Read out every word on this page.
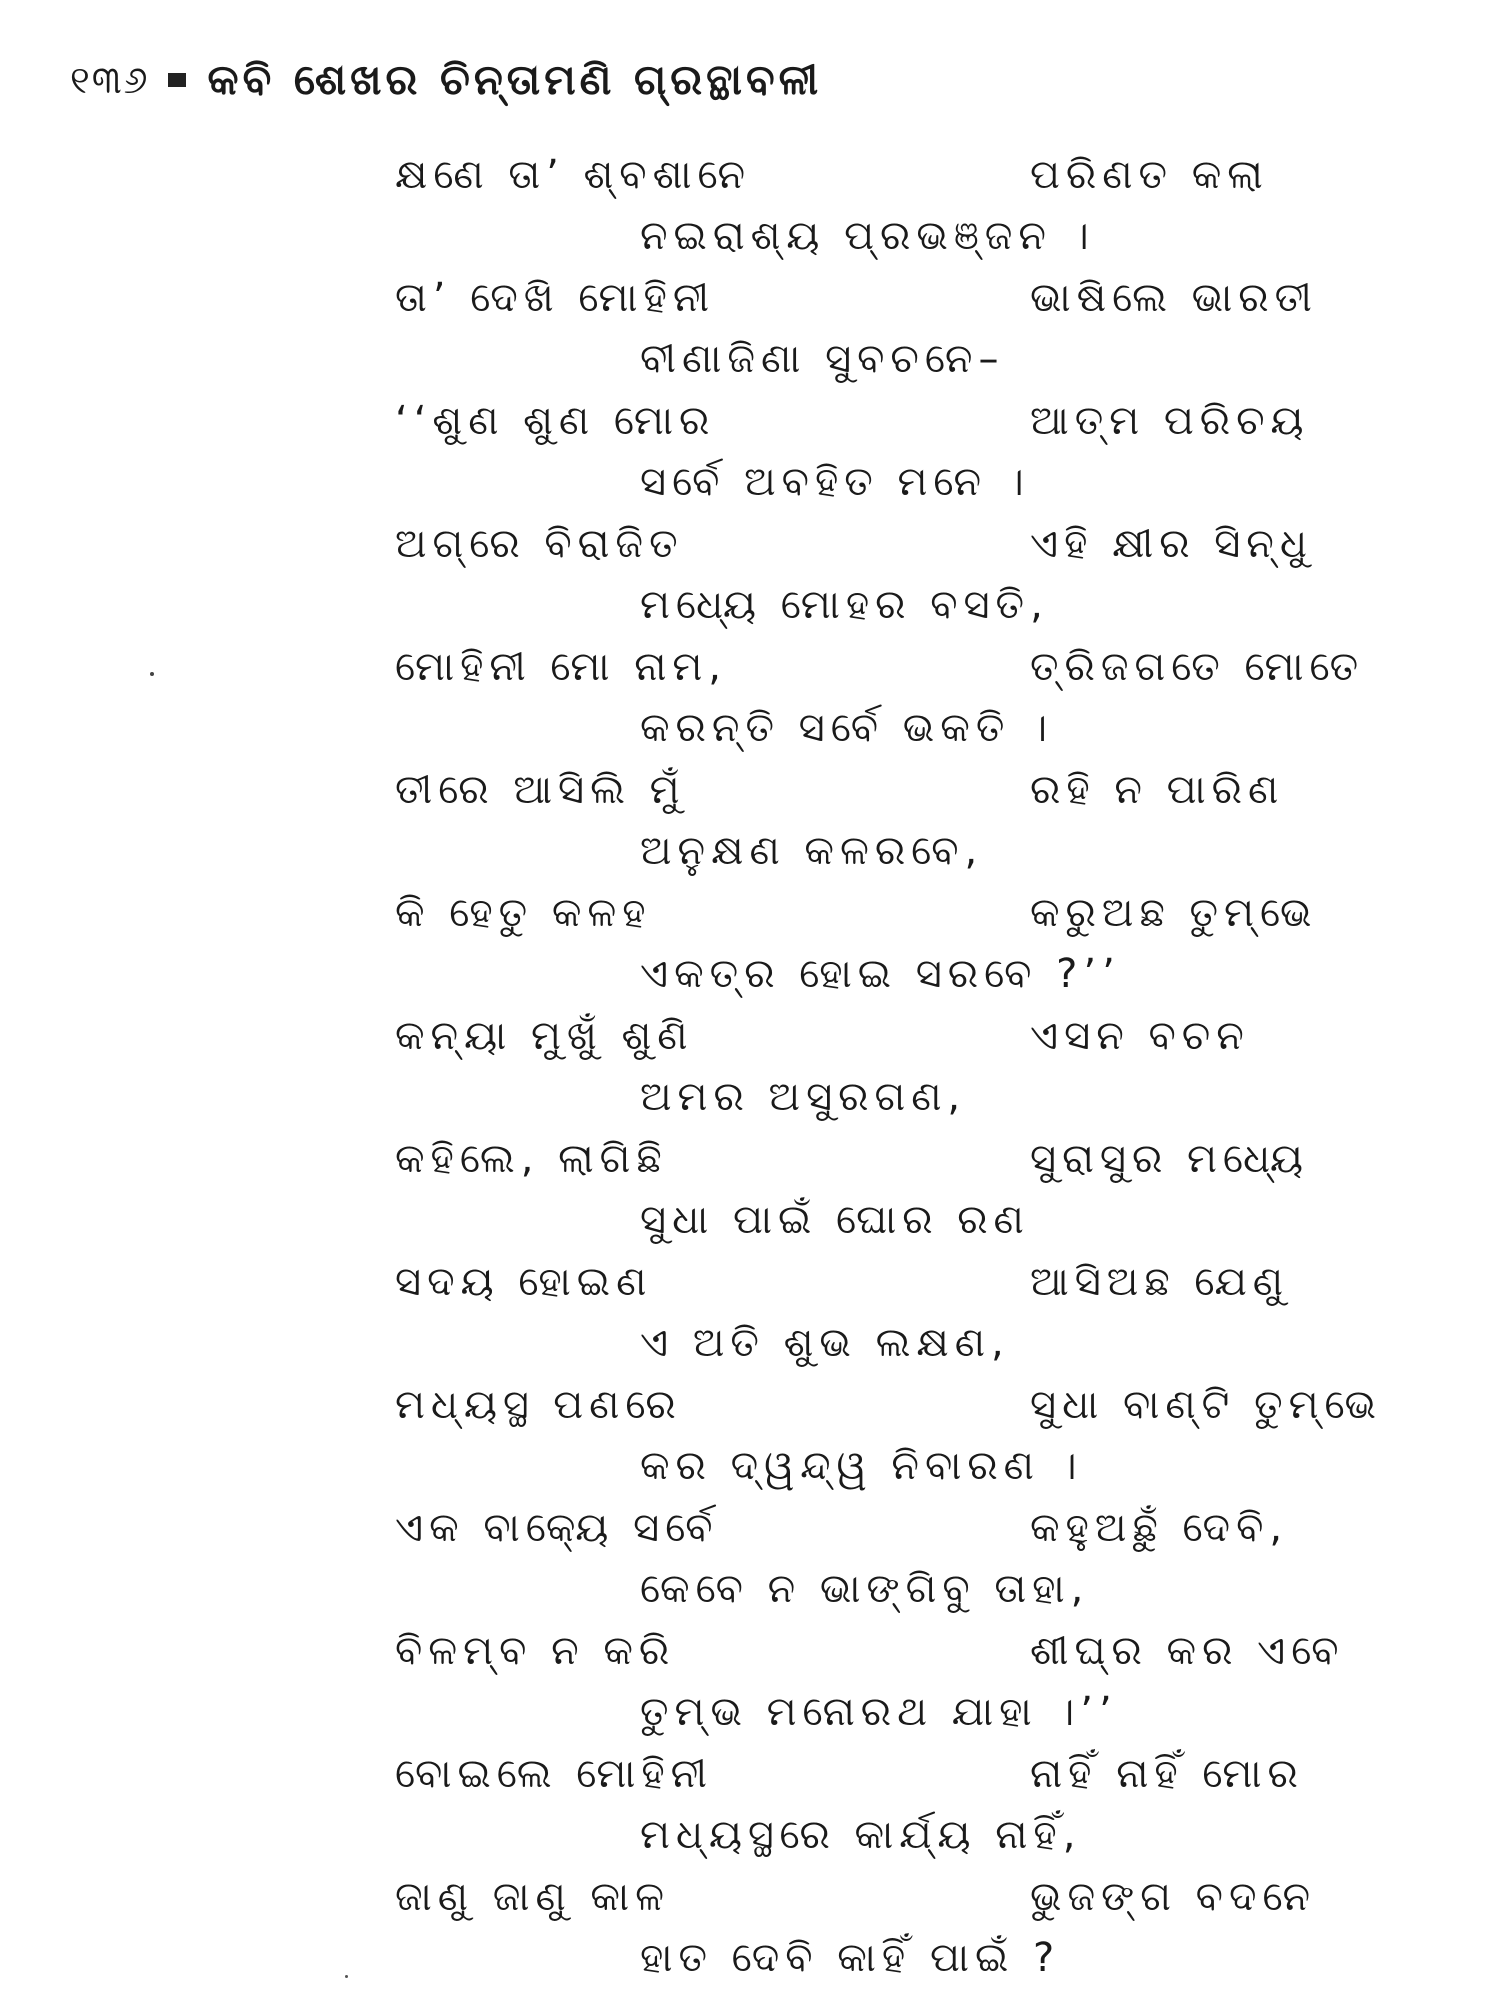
୧୩୬ କବି ଶେଖର ଚିନ୍ତାମଣି ଗ୍ରନ୍ଥାବଳୀ
କ୍ଷଣେ ତା’ ଶ୍ବଶାନେ	ପରିଣତ କଲା
ନଇରାଶ୍ୟ ପ୍ରଭଞ୍ଜନ ।
ତା’ ଦେଖି ମୋହିନୀ	ଭାଷିଲେ ଭାରତୀ
ବୀଣାଜିଣା ସୁବଚନେ–
‘‘ଶୁଣ ଶୁଣ ମୋର	ଆତ୍ମ ପରିଚୟ
ସର୍ବେ ଅବହିତ ମନେ ।
ଅଗ୍ରେ ବିରାଜିତ	ଏହି କ୍ଷୀର ସିନ୍ଧୁ
ମଧ୍ୟେ ମୋହର ବସତି,
ମୋହିନୀ ମୋ ନାମ,	ତ୍ରିଜଗତେ ମୋତେ
କରନ୍ତି ସର୍ବେ ଭକତି ।
ତୀରେ ଆସିଲି ମୁଁ	ରହି ନ ପାରିଣ
ଅନୁକ୍ଷଣ କଳରବେ,
କି ହେତୁ କଳହ	କରୁଅଛ ତୁମ୍ଭେ
ଏକତ୍ର ହୋଇ ସରବେ ?’’
କନ୍ୟା ମୁଖୁଁ ଶୁଣି	ଏସନ ବଚନ
ଅମର ଅସୁରଗଣ,
କହିଲେ, ଲାଗିଛି	ସୁରାସୁର ମଧ୍ୟେ
ସୁଧା ପାଇଁ ଘୋର ରଣ
ସଦୟ ହୋଇଣ	ଆସିଅଛ ଯେଣୁ
ଏ ଅତି ଶୁଭ ଲକ୍ଷଣ,
ମଧ୍ୟସ୍ଥ ପଣରେ	ସୁଧା ବାଣ୍ଟି ତୁମ୍ଭେ
କର ଦ୍ୱନ୍ଦ୍ୱ ନିବାରଣ ।
ଏକ ବାକ୍ୟେ ସର୍ବେ	କହୁଅଛୁଁ ଦେବି,
କେବେ ନ ଭାଙ୍ଗିବୁ ତାହା,
ବିଳମ୍ବ ନ କରି	ଶୀଘ୍ର କର ଏବେ
ତୁମ୍ଭ ମନୋରଥ ଯାହା ।’’
ବୋଇଲେ ମୋହିନୀ	ନାହିଁ ନାହିଁ ମୋର
ମଧ୍ୟସ୍ଥରେ କାର୍ଯ୍ୟ ନାହିଁ,
ଜାଣୁ ଜାଣୁ କାଳ	ଭୁଜଙ୍ଗ ବଦନେ
ହାତ ଦେବି କାହିଁ ପାଇଁ ?
